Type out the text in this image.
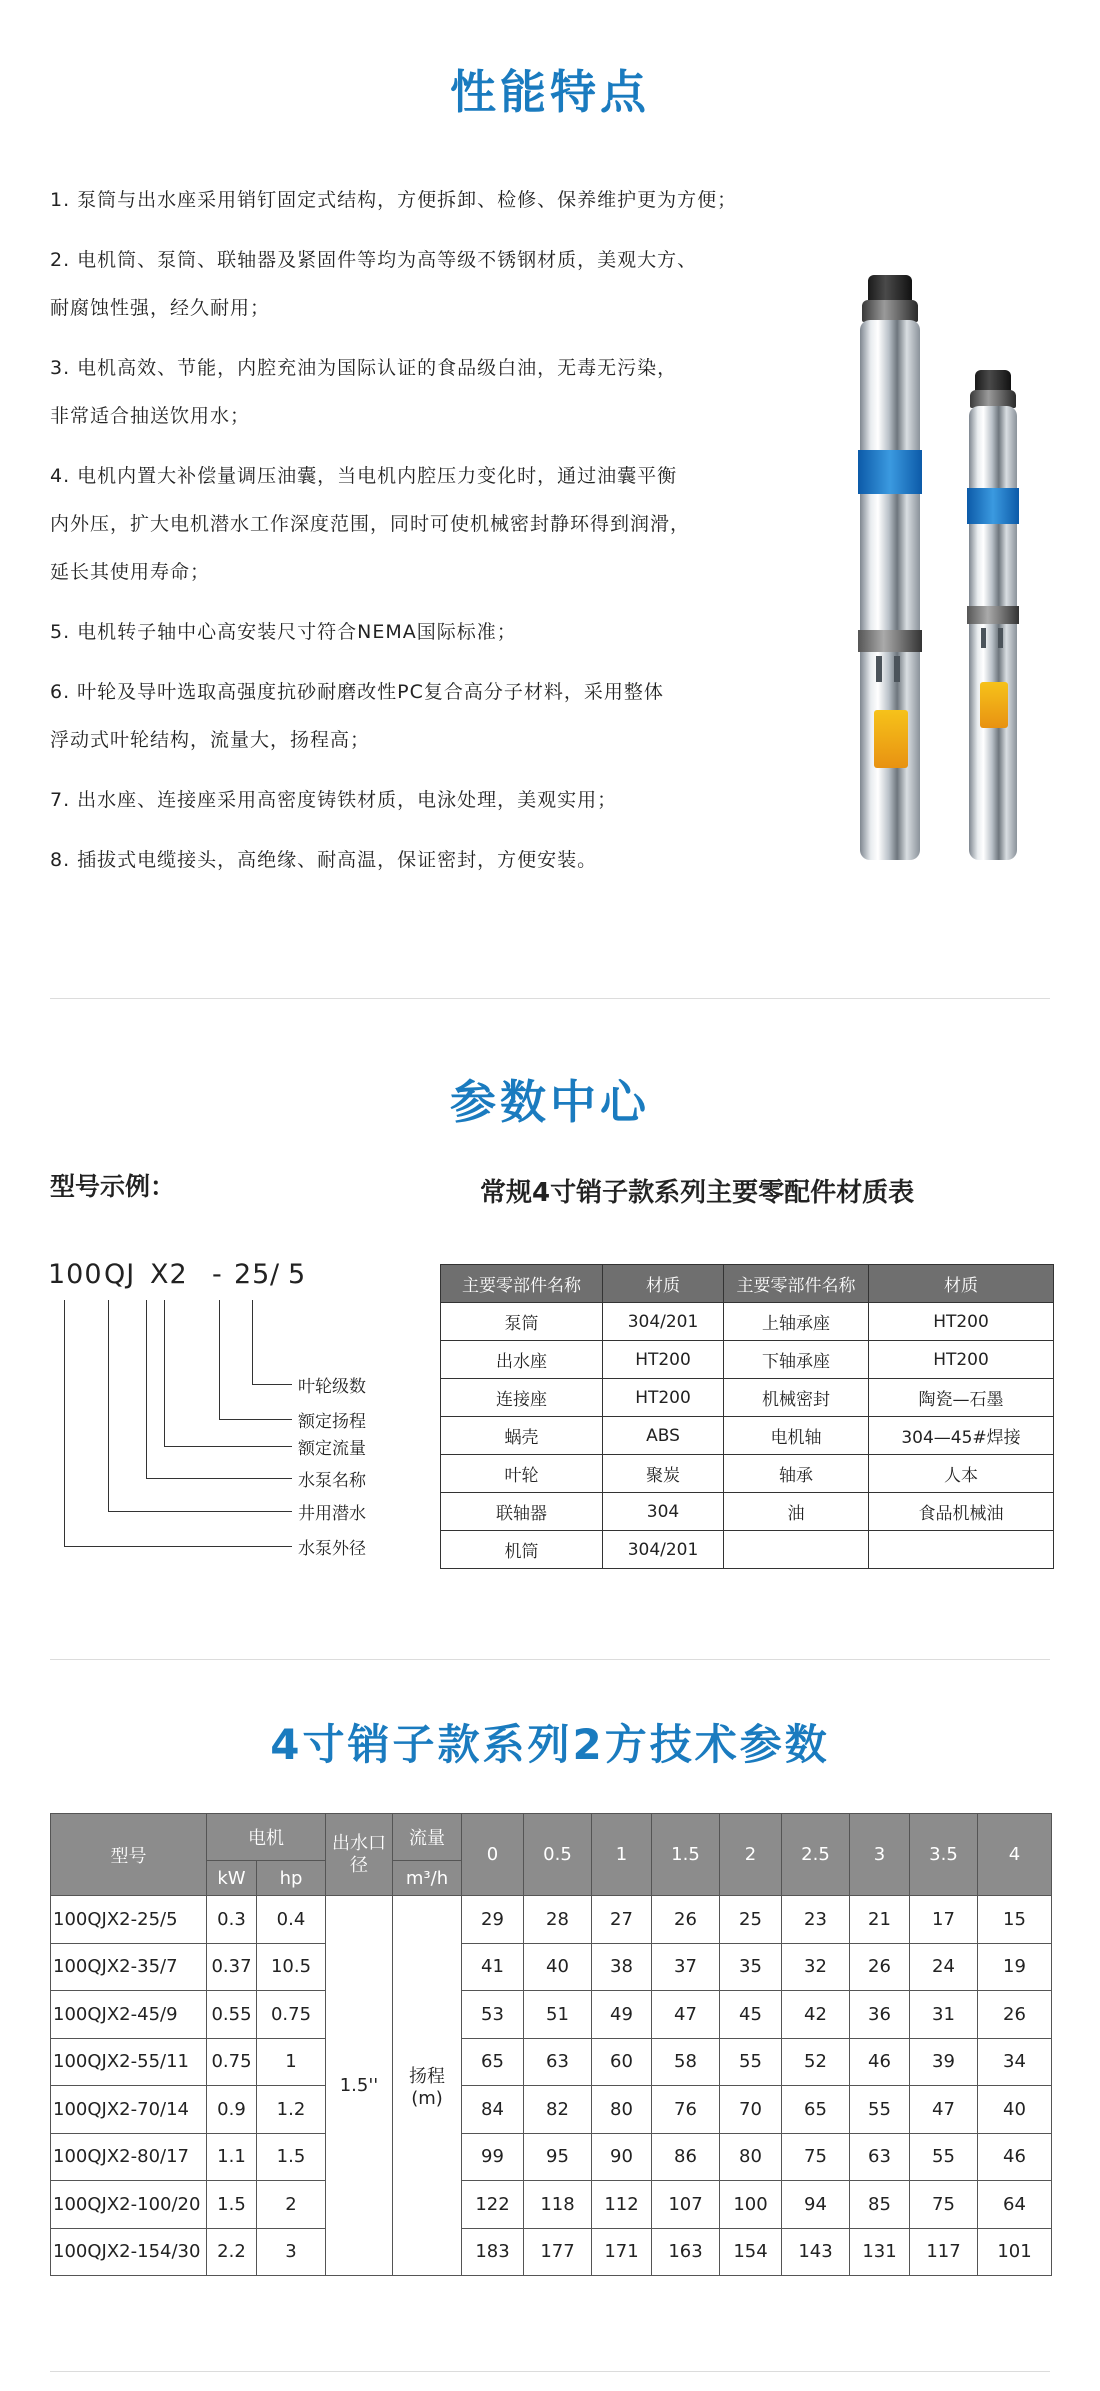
性能特点

1. 泵筒与出水座采用销钉固定式结构，方便拆卸、检修、保养维护更为方便；

2. 电机筒、泵筒、联轴器及紧固件等均为高等级不锈钢材质，美观大方、

耐腐蚀性强，经久耐用；

3. 电机高效、节能，内腔充油为国际认证的食品级白油，无毒无污染，

非常适合抽送饮用水；

4. 电机内置大补偿量调压油囊，当电机内腔压力变化时，通过油囊平衡

内外压，扩大电机潜水工作深度范围，同时可使机械密封静环得到润滑，

延长其使用寿命；

5. 电机转子轴中心高安装尺寸符合NEMA国际标准；

6. 叶轮及导叶选取高强度抗砂耐磨改性PC复合高分子材料，采用整体

浮动式叶轮结构，流量大，扬程高；

7. 出水座、连接座采用高密度铸铁材质，电泳处理，美观实用；

8. 插拔式电缆接头，高绝缘、耐高温，保证密封，方便安装。

参数中心
型号示例：	常规4寸销子款系列主要零配件材质表
100 QJ X2 - 25 / 5
叶轮级数
额定扬程
额定流量
水泵名称
井用潜水
水泵外径
主要零部件名称	材质	主要零部件名称	材质
泵筒	304/201	上轴承座	HT200
出水座	HT200	下轴承座	HT200
连接座	HT200	机械密封	陶瓷—石墨
蜗壳	ABS	电机轴	304—45#焊接
叶轮	聚炭	轴承	人本
联轴器	304	油	食品机械油
机筒	304/201		
4寸销子款系列2方技术参数
型号	电机		出水口径	流量	0	0.5	1	1.5	2	2.5	3	3.5	4
	kW	hp		m³/h									
100QJX2-25/5	0.3	0.4	1.5''	扬程(m)	29	28	27	26	25	23	21	17	15
100QJX2-35/7	0.37	10.5			41	40	38	37	35	32	26	24	19
100QJX2-45/9	0.55	0.75			53	51	49	47	45	42	36	31	26
100QJX2-55/11	0.75	1			65	63	60	58	55	52	46	39	34
100QJX2-70/14	0.9	1.2			84	82	80	76	70	65	55	47	40
100QJX2-80/17	1.1	1.5			99	95	90	86	80	75	63	55	46
100QJX2-100/20	1.5	2			122	118	112	107	100	94	85	75	64
100QJX2-154/30	2.2	3			183	177	171	163	154	143	131	117	101
